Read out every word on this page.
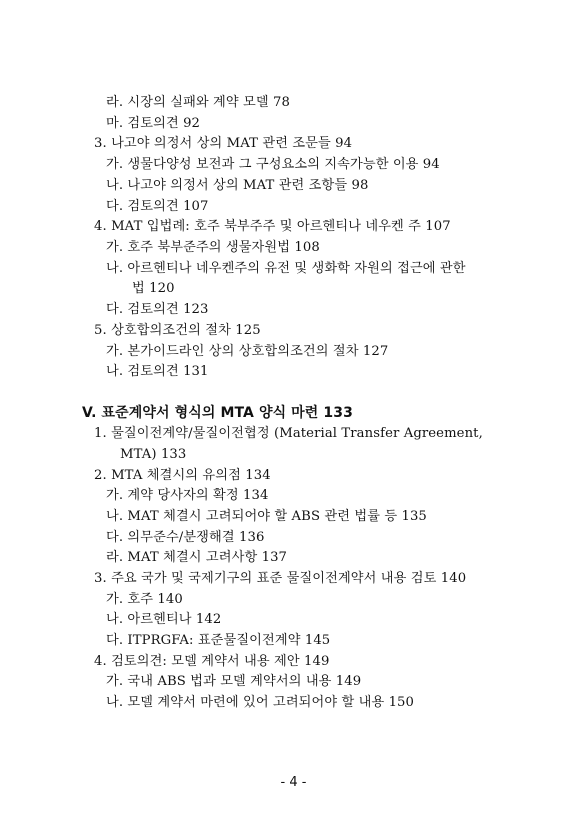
라. 시장의 실패와 계약 모델 78
마. 검토의견 92
3. 나고야 의정서 상의 MAT 관련 조문들 94
가. 생물다양성 보전과 그 구성요소의 지속가능한 이용 94
나. 나고야 의정서 상의 MAT 관련 조항들 98
다. 검토의견 107
4. MAT 입법례: 호주 북부주주 및 아르헨티나 네우켄 주 107
가. 호주 북부준주의 생물자원법 108
나. 아르헨티나 네우켄주의 유전 및 생화학 자원의 접근에 관한
법 120
다. 검토의견 123
5. 상호합의조건의 절차 125
가. 본가이드라인 상의 상호합의조건의 절차 127
나. 검토의견 131
V. 표준계약서 형식의 MTA 양식 마련 133
1. 물질이전계약/물질이전협정 (Material Transfer Agreement,
MTA) 133
2. MTA 체결시의 유의점 134
가. 계약 당사자의 확정 134
나. MAT 체결시 고려되어야 할 ABS 관련 법률 등 135
다. 의무준수/분쟁해결 136
라. MAT 체결시 고려사항 137
3. 주요 국가 및 국제기구의 표준 물질이전계약서 내용 검토 140
가. 호주 140
나. 아르헨티나 142
다. ITPRGFA: 표준물질이전계약 145
4. 검토의견: 모델 계약서 내용 제안 149
가. 국내 ABS 법과 모델 계약서의 내용 149
나. 모델 계약서 마련에 있어 고려되어야 할 내용 150
- 4 -
